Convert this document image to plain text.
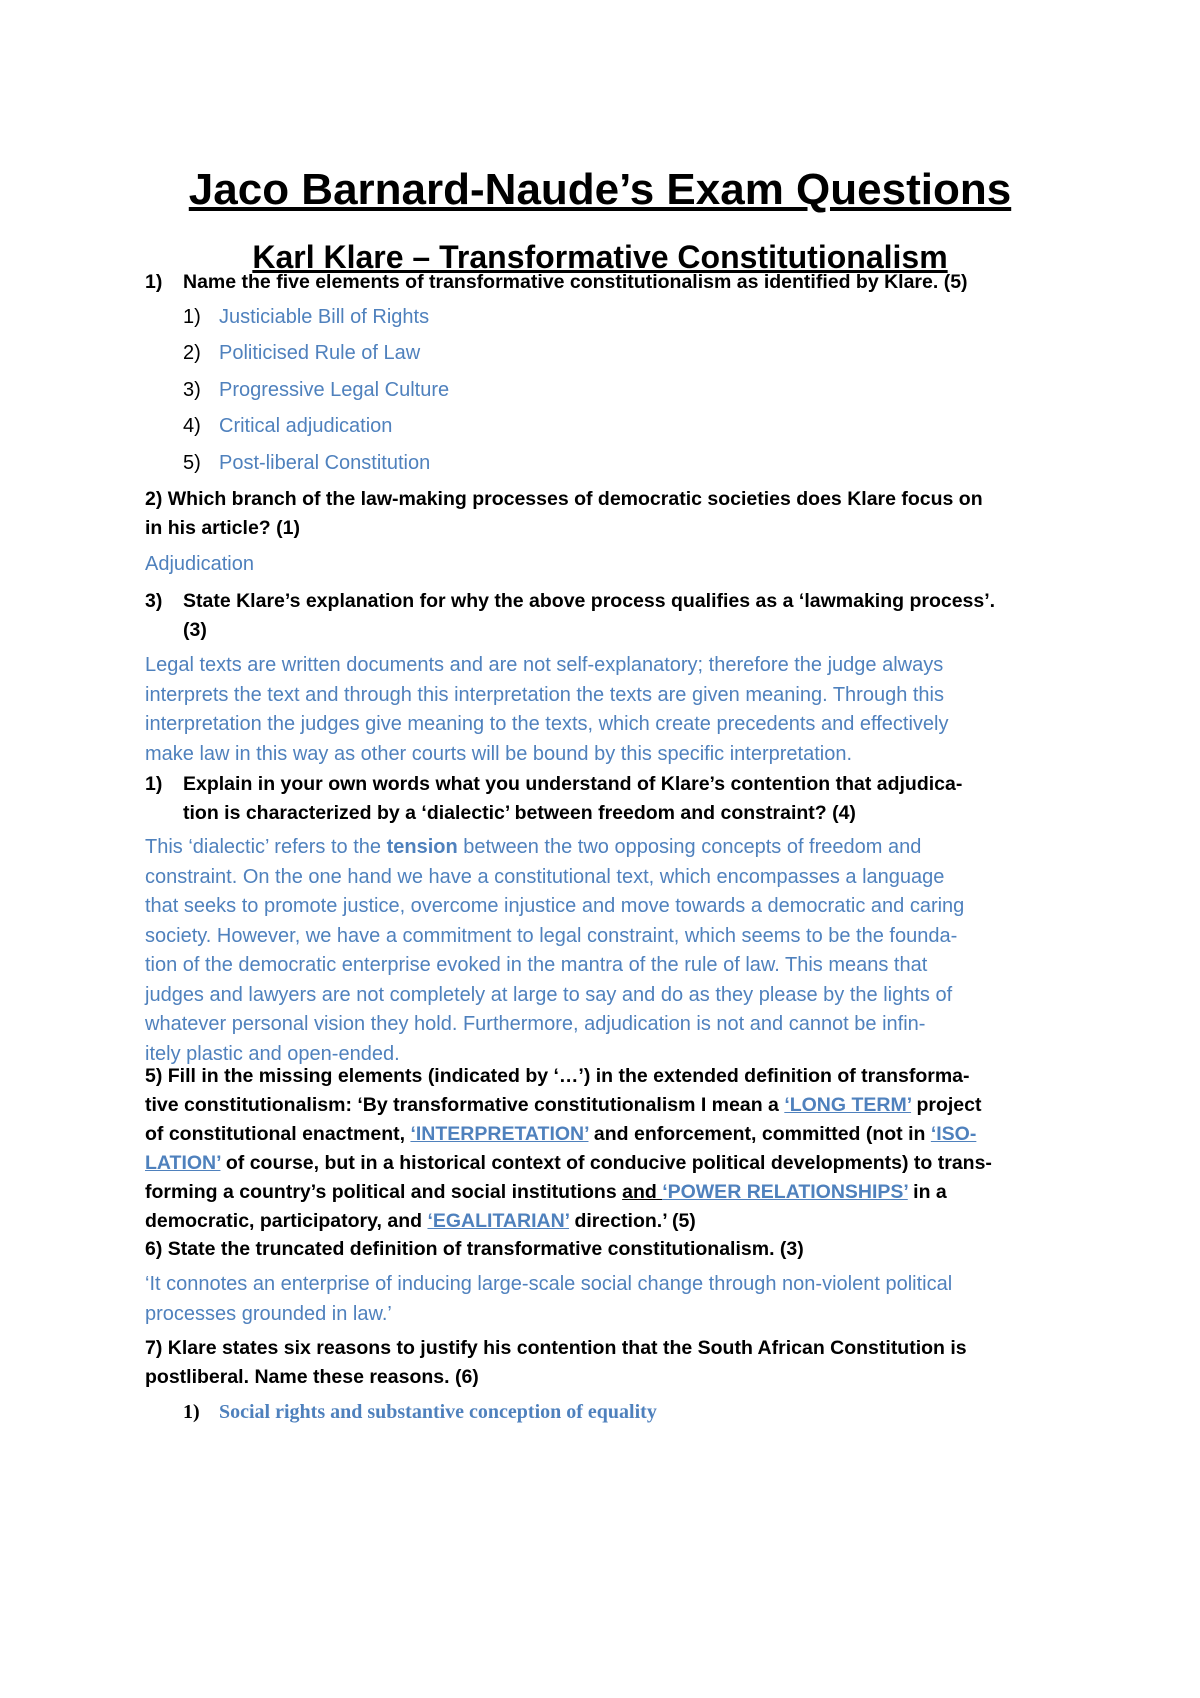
Jaco Barnard-Naude’s Exam Questions
Karl Klare – Transformative Constitutionalism
1)	Name the five elements of transformative constitutionalism as identified by Klare. (5)
1) Justiciable Bill of Rights
2) Politicised Rule of Law
3) Progressive Legal Culture
4) Critical adjudication
5) Post-liberal Constitution
2) Which branch of the law-making processes of democratic societies does Klare focus on
in his article? (1)
Adjudication
3)	State Klare’s explanation for why the above process qualifies as a ‘lawmaking process’.
(3)
Legal texts are written documents and are not self-explanatory; therefore the judge always
interprets the text and through this interpretation the texts are given meaning. Through this
interpretation the judges give meaning to the texts, which create precedents and effectively
make law in this way as other courts will be bound by this specific interpretation.
1)	Explain in your own words what you understand of Klare’s contention that adjudica-
tion is characterized by a ‘dialectic’ between freedom and constraint? (4)
This ‘dialectic’ refers to the tension between the two opposing concepts of freedom and
constraint. On the one hand we have a constitutional text, which encompasses a language
that seeks to promote justice, overcome injustice and move towards a democratic and caring
society. However, we have a commitment to legal constraint, which seems to be the founda-
tion of the democratic enterprise evoked in the mantra of the rule of law. This means that
judges and lawyers are not completely at large to say and do as they please by the lights of
whatever personal vision they hold. Furthermore, adjudication is not and cannot be infin-
itely plastic and open-ended.
5) Fill in the missing elements (indicated by ‘…’) in the extended definition of transforma-
tive constitutionalism: ‘By transformative constitutionalism I mean a ‘LONG TERM’ project
of constitutional enactment, ‘INTERPRETATION’ and enforcement, committed (not in ‘ISO-
LATION’ of course, but in a historical context of conducive political developments) to trans-
forming a country’s political and social institutions and ‘POWER RELATIONSHIPS’ in a
democratic, participatory, and ‘EGALITARIAN’ direction.’ (5)
6) State the truncated definition of transformative constitutionalism. (3)
‘It connotes an enterprise of inducing large-scale social change through non-violent political
processes grounded in law.’
7) Klare states six reasons to justify his contention that the South African Constitution is
postliberal. Name these reasons. (6)
1) Social rights and substantive conception of equality
